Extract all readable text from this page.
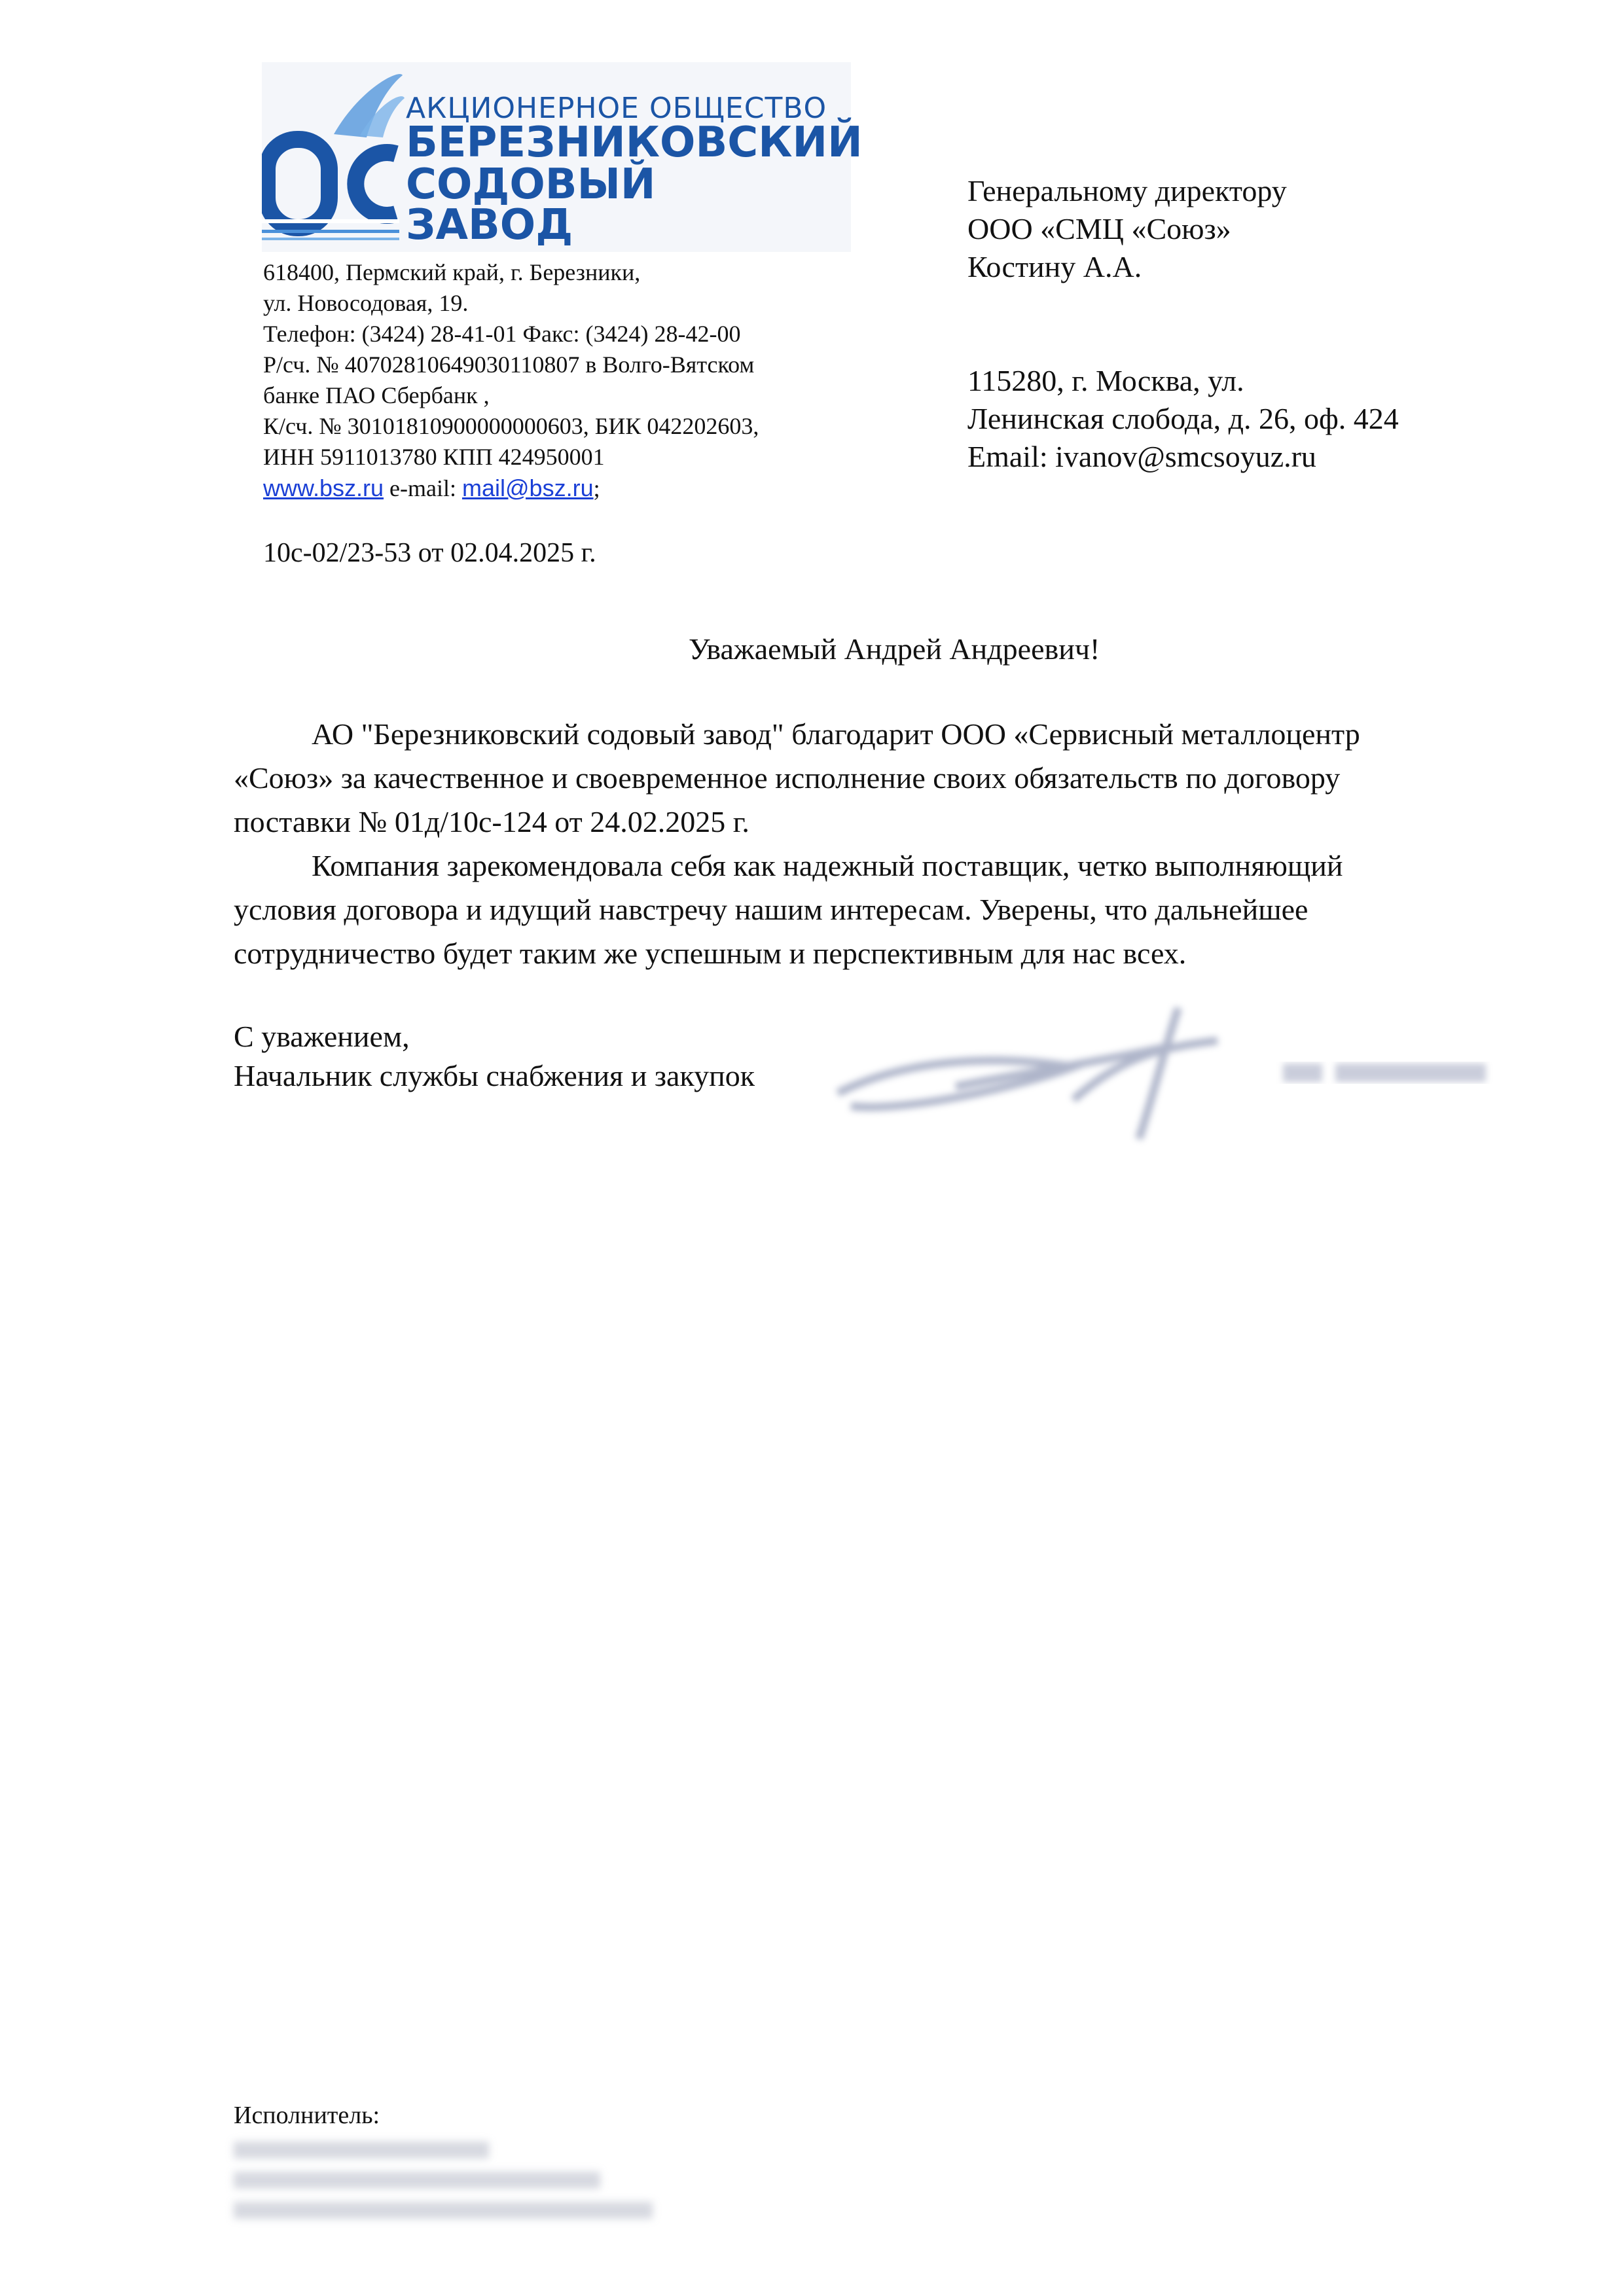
АКЦИОНЕРНОЕ ОБЩЕСТВО
БЕРЕЗНИКОВСКИЙ
СОДОВЫЙ
ЗАВОД
618400, Пермский край, г. Березники,
ул. Новосодовая, 19.
Телефон: (3424) 28-41-01 Факс: (3424) 28-42-00
Р/сч. № 40702810649030110807 в Волго-Вятском
банке ПАО Сбербанк ,
К/сч. № 30101810900000000603, БИК 042202603,
ИНН 5911013780 КПП 424950001
www.bsz.ru e-mail: mail@bsz.ru;
10с-02/23-53 от 02.04.2025 г.
Генеральному директору
ООО «СМЦ «Союз»
Костину А.А.
115280, г. Москва, ул.
Ленинская слобода, д. 26, оф. 424
Email: ivanov@smcsoyuz.ru
Уважаемый Андрей Андреевич!
АО "Березниковский содовый завод" благодарит ООО «Сервисный металлоцентр
«Союз» за качественное и своевременное исполнение своих обязательств по договору
поставки № 01д/10с-124 от 24.02.2025 г.
Компания зарекомендовала себя как надежный поставщик, четко выполняющий
условия договора и идущий навстречу нашим интересам. Уверены, что дальнейшее
сотрудничество будет таким же успешным и перспективным для нас всех.
С уважением,
Начальник службы снабжения и закупок
Исполнитель:
